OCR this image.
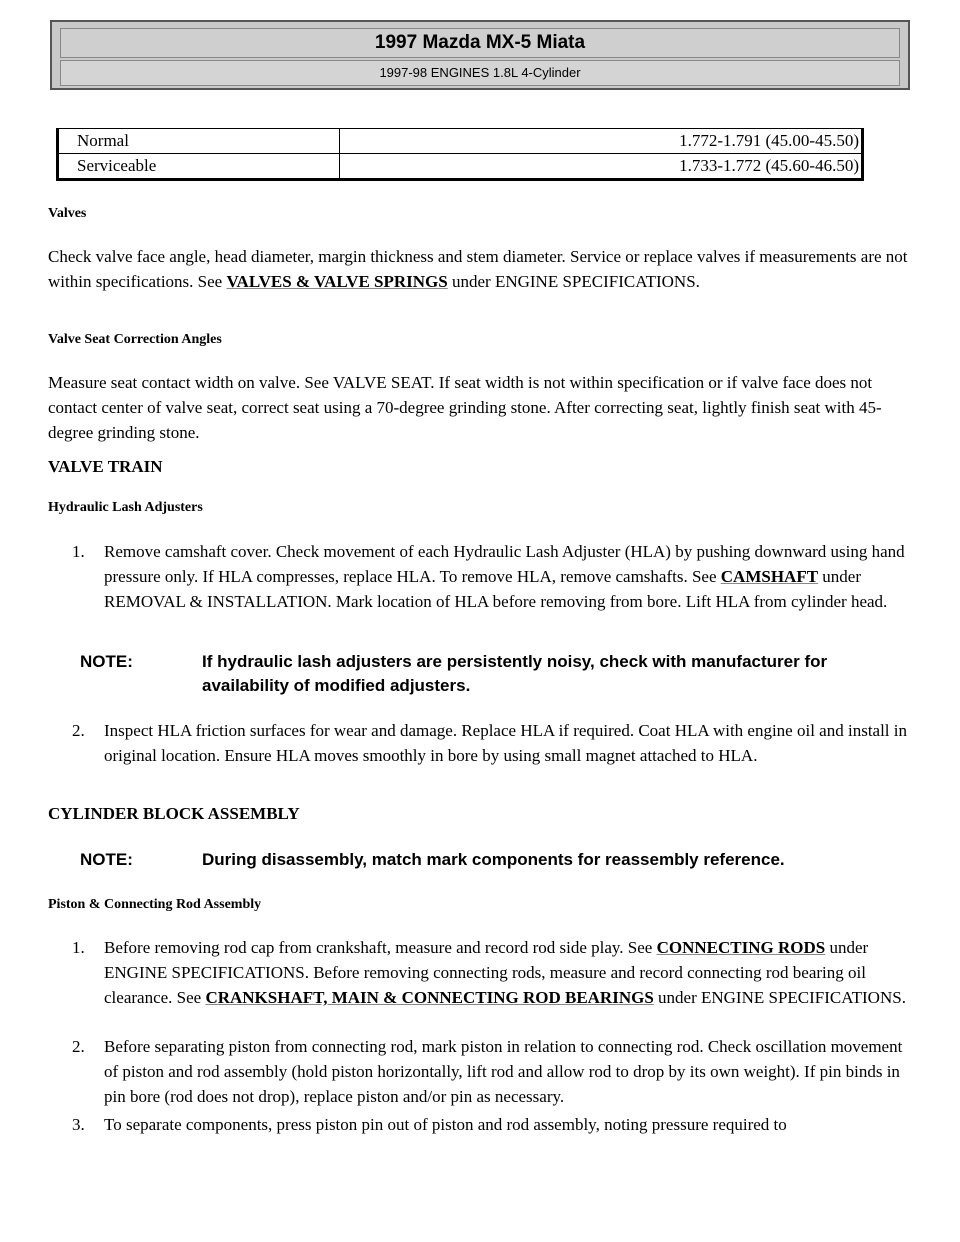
1997 Mazda MX-5 Miata
1997-98 ENGINES 1.8L 4-Cylinder
Normal	1.772-1.791 (45.00-45.50)
Serviceable	1.733-1.772 (45.60-46.50)
Valves
Check valve face angle, head diameter, margin thickness and stem diameter. Service or replace valves if measurements are not within specifications. See VALVES & VALVE SPRINGS under ENGINE SPECIFICATIONS.
Valve Seat Correction Angles
Measure seat contact width on valve. See VALVE SEAT. If seat width is not within specification or if valve face does not contact center of valve seat, correct seat using a 70-degree grinding stone. After correcting seat, lightly finish seat with 45-degree grinding stone.
VALVE TRAIN
Hydraulic Lash Adjusters
1. Remove camshaft cover. Check movement of each Hydraulic Lash Adjuster (HLA) by pushing downward using hand pressure only. If HLA compresses, replace HLA. To remove HLA, remove camshafts. See CAMSHAFT under REMOVAL & INSTALLATION. Mark location of HLA before removing from bore. Lift HLA from cylinder head.
NOTE:	If hydraulic lash adjusters are persistently noisy, check with manufacturer for availability of modified adjusters.
2. Inspect HLA friction surfaces for wear and damage. Replace HLA if required. Coat HLA with engine oil and install in original location. Ensure HLA moves smoothly in bore by using small magnet attached to HLA.
CYLINDER BLOCK ASSEMBLY
NOTE:	During disassembly, match mark components for reassembly reference.
Piston & Connecting Rod Assembly
1. Before removing rod cap from crankshaft, measure and record rod side play. See CONNECTING RODS under ENGINE SPECIFICATIONS. Before removing connecting rods, measure and record connecting rod bearing oil clearance. See CRANKSHAFT, MAIN & CONNECTING ROD BEARINGS under ENGINE SPECIFICATIONS.
2. Before separating piston from connecting rod, mark piston in relation to connecting rod. Check oscillation movement of piston and rod assembly (hold piston horizontally, lift rod and allow rod to drop by its own weight). If pin binds in pin bore (rod does not drop), replace piston and/or pin as necessary.
3. To separate components, press piston pin out of piston and rod assembly, noting pressure required to
